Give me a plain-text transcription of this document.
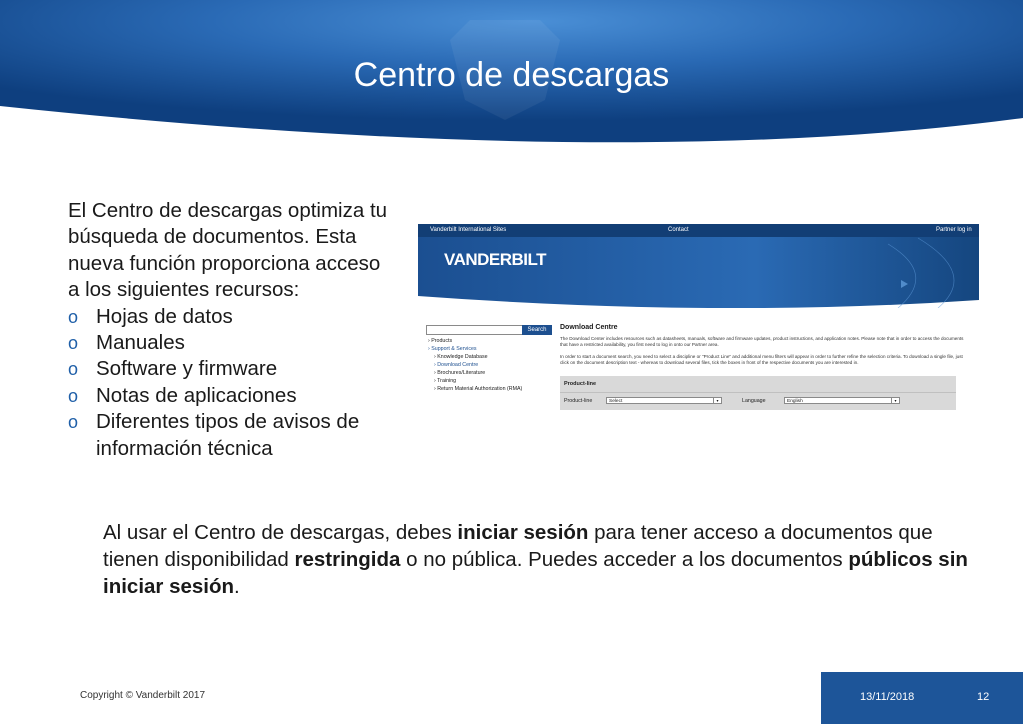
Centro de descargas

El Centro de descargas optimiza tu búsqueda de documentos. Esta nueva función proporciona acceso a los siguientes recursos:

o Hojas de datos
o Manuales
o Software y firmware
o Notas de aplicaciones
o Diferentes tipos de avisos de información técnica
Vanderbilt International Sites	Contact	Partner log in
VANDERBILT
Search
› Products
› Support & Services
› Knowledge Database
› Download Centre
› Brochures/Literature
› Training
› Return Material Authorization (RMA)
Download Centre

The Download Center includes resources such as datasheets, manuals, software and firmware updates, product instructions, and application notes. Please note that in order to access the documents that have a restricted availability, you first need to log in onto our Partner area.

In order to start a document search, you need to select a discipline or "Product Line" and additional menu filters will appear in order to further refine the selection criteria. To download a single file, just click on the document description text - whereas to download several files, tick the boxes in front of the respective documents you are interested in.

Product-line
Product-line	Select	▾	Language	English	▾
Al usar el Centro de descargas, debes iniciar sesión para tener acceso a documentos que tienen disponibilidad restringida o no pública. Puedes acceder a los documentos públicos sin iniciar sesión.
Copyright © Vanderbilt 2017	13/11/2018	12
